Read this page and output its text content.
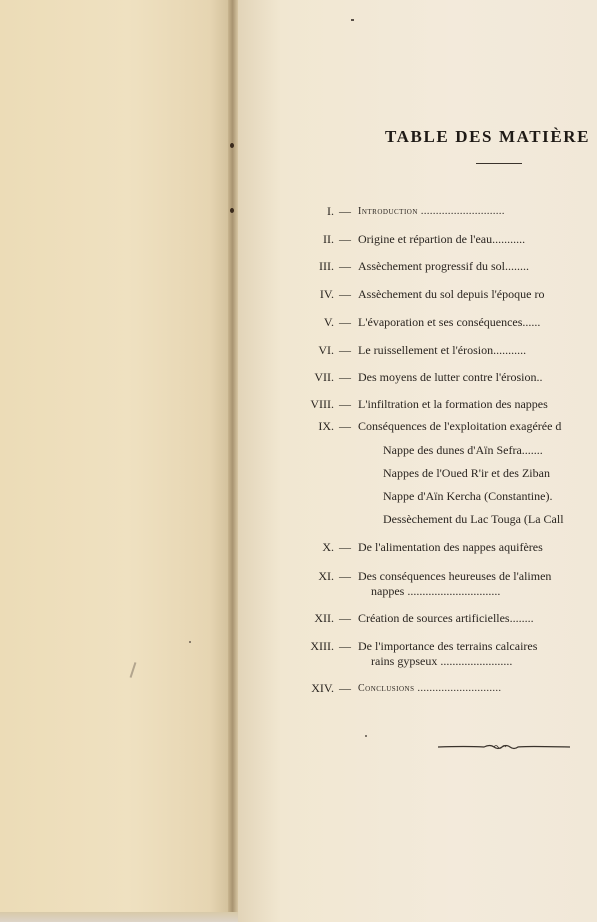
TABLE DES MATIÈRE
I. — Introduction ............................
II. — Origine et répartion de l'eau...........
III. — Assèchement progressif du sol........
IV. — Assèchement du sol depuis l'époque ro
V. — L'évaporation et ses conséquences......
VI. — Le ruissellement et l'érosion...........
VII. — Des moyens de lutter contre l'érosion..
VIII. — L'infiltration et la formation des nappes
IX. — Conséquences de l'exploitation exagérée d
Nappe des dunes d'Aïn Sefra.......
Nappes de l'Oued R'ir et des Ziban
Nappe d'Aïn Kercha (Constantine).
Dessèchement du Lac Touga (La Call
X. — De l'alimentation des nappes aquifères
XI. — Des conséquences heureuses de l'alimen
nappes ...............................
XII. — Création de sources artificielles........
XIII. — De l'importance des terrains calcaires
rains gypseux ........................
XIV. — Conclusions ............................
